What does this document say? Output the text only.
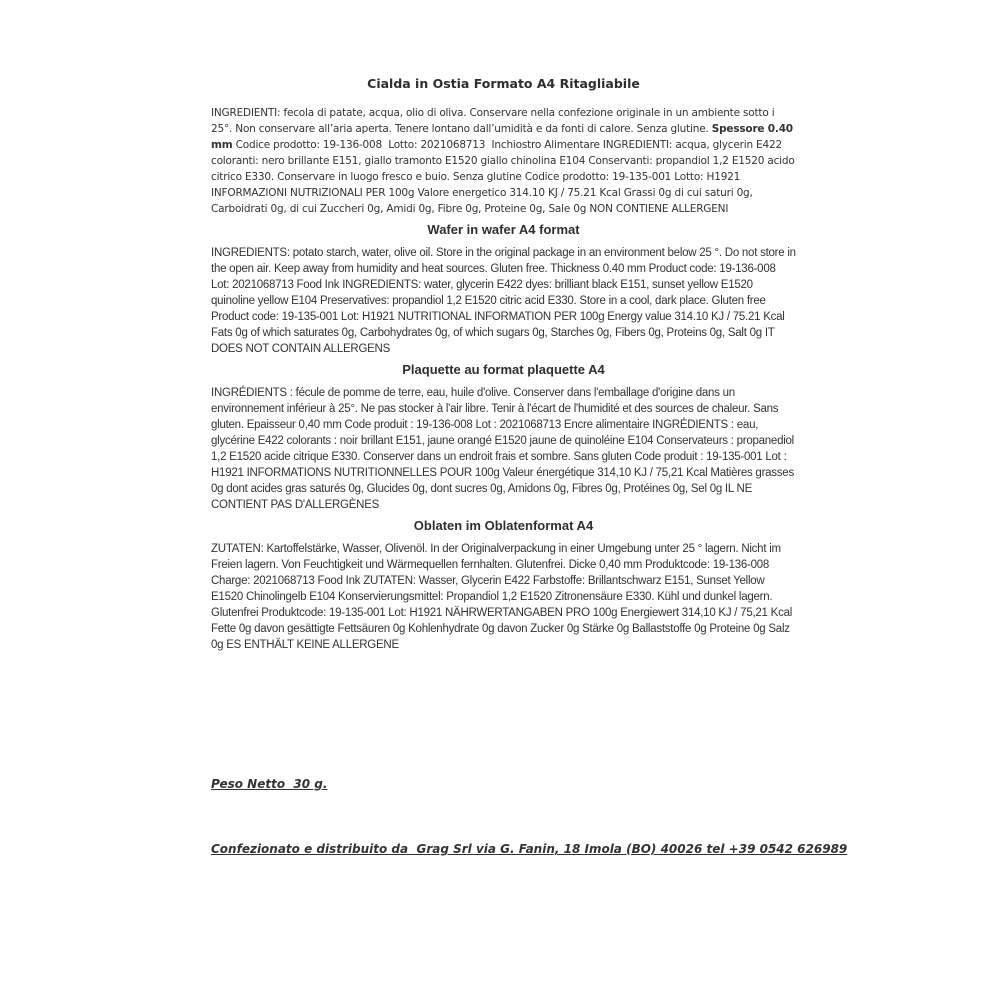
Cialda in Ostia Formato A4 Ritagliabile

INGREDIENTI: fecola di patate, acqua, olio di oliva. Conservare nella confezione originale in un ambiente sotto i 25°. Non conservare all’aria aperta. Tenere lontano dall’umidità e da fonti di calore. Senza glutine. Spessore 0.40 mm Codice prodotto: 19-136-008  Lotto: 2021068713  Inchiostro Alimentare INGREDIENTI: acqua, glycerin E422 coloranti: nero brillante E151, giallo tramonto E1520 giallo chinolina E104 Conservanti: propandiol 1,2 E1520 acido citrico E330. Conservare in luogo fresco e buio. Senza glutine Codice prodotto: 19-135-001 Lotto: H1921 INFORMAZIONI NUTRIZIONALI PER 100g Valore energetico 314.10 KJ / 75.21 Kcal Grassi 0g di cui saturi 0g, Carboidrati 0g, di cui Zuccheri 0g, Amidi 0g, Fibre 0g, Proteine 0g, Sale 0g NON CONTIENE ALLERGENI

Wafer in wafer A4 format

INGREDIENTS: potato starch, water, olive oil. Store in the original package in an environment below 25 °. Do not store in the open air. Keep away from humidity and heat sources. Gluten free. Thickness 0.40 mm Product code: 19-136-008 Lot: 2021068713 Food Ink INGREDIENTS: water, glycerin E422 dyes: brilliant black E151, sunset yellow E1520 quinoline yellow E104 Preservatives: propandiol 1,2 E1520 citric acid E330. Store in a cool, dark place. Gluten free Product code: 19-135-001 Lot: H1921 NUTRITIONAL INFORMATION PER 100g Energy value 314.10 KJ / 75.21 Kcal Fats 0g of which saturates 0g, Carbohydrates 0g, of which sugars 0g, Starches 0g, Fibers 0g, Proteins 0g, Salt 0g IT DOES NOT CONTAIN ALLERGENS

Plaquette au format plaquette A4

INGRÉDIENTS : fécule de pomme de terre, eau, huile d'olive. Conserver dans l'emballage d'origine dans un environnement inférieur à 25°. Ne pas stocker à l'air libre. Tenir à l'écart de l'humidité et des sources de chaleur. Sans gluten. Epaisseur 0,40 mm Code produit : 19-136-008 Lot : 2021068713 Encre alimentaire INGRÉDIENTS : eau, glycérine E422 colorants : noir brillant E151, jaune orangé E1520 jaune de quinoléine E104 Conservateurs : propanediol 1,2 E1520 acide citrique E330. Conserver dans un endroit frais et sombre. Sans gluten Code produit : 19-135-001 Lot : H1921 INFORMATIONS NUTRITIONNELLES POUR 100g Valeur énergétique 314,10 KJ / 75,21 Kcal Matières grasses 0g dont acides gras saturés 0g, Glucides 0g, dont sucres 0g, Amidons 0g, Fibres 0g, Protéines 0g, Sel 0g IL NE CONTIENT PAS D'ALLERGÈNES

Oblaten im Oblatenformat A4

ZUTATEN: Kartoffelstärke, Wasser, Olivenöl. In der Originalverpackung in einer Umgebung unter 25 ° lagern. Nicht im Freien lagern. Von Feuchtigkeit und Wärmequellen fernhalten. Glutenfrei. Dicke 0,40 mm Produktcode: 19-136-008 Charge: 2021068713 Food Ink ZUTATEN: Wasser, Glycerin E422 Farbstoffe: Brillantschwarz E151, Sunset Yellow E1520 Chinolingelb E104 Konservierungsmittel: Propandiol 1,2 E1520 Zitronensäure E330. Kühl und dunkel lagern. Glutenfrei Produktcode: 19-135-001 Lot: H1921 NÄHRWERTANGABEN PRO 100g Energiewert 314,10 KJ / 75,21 Kcal Fette 0g davon gesättigte Fettsäuren 0g Kohlenhydrate 0g davon Zucker 0g Stärke 0g Ballaststoffe 0g Proteine 0g Salz 0g ES ENTHÄLT KEINE ALLERGENE

Peso Netto  30 g.
Confezionato e distribuito da  Grag Srl via G. Fanin, 18 Imola (BO) 40026 tel +39 0542 626989
